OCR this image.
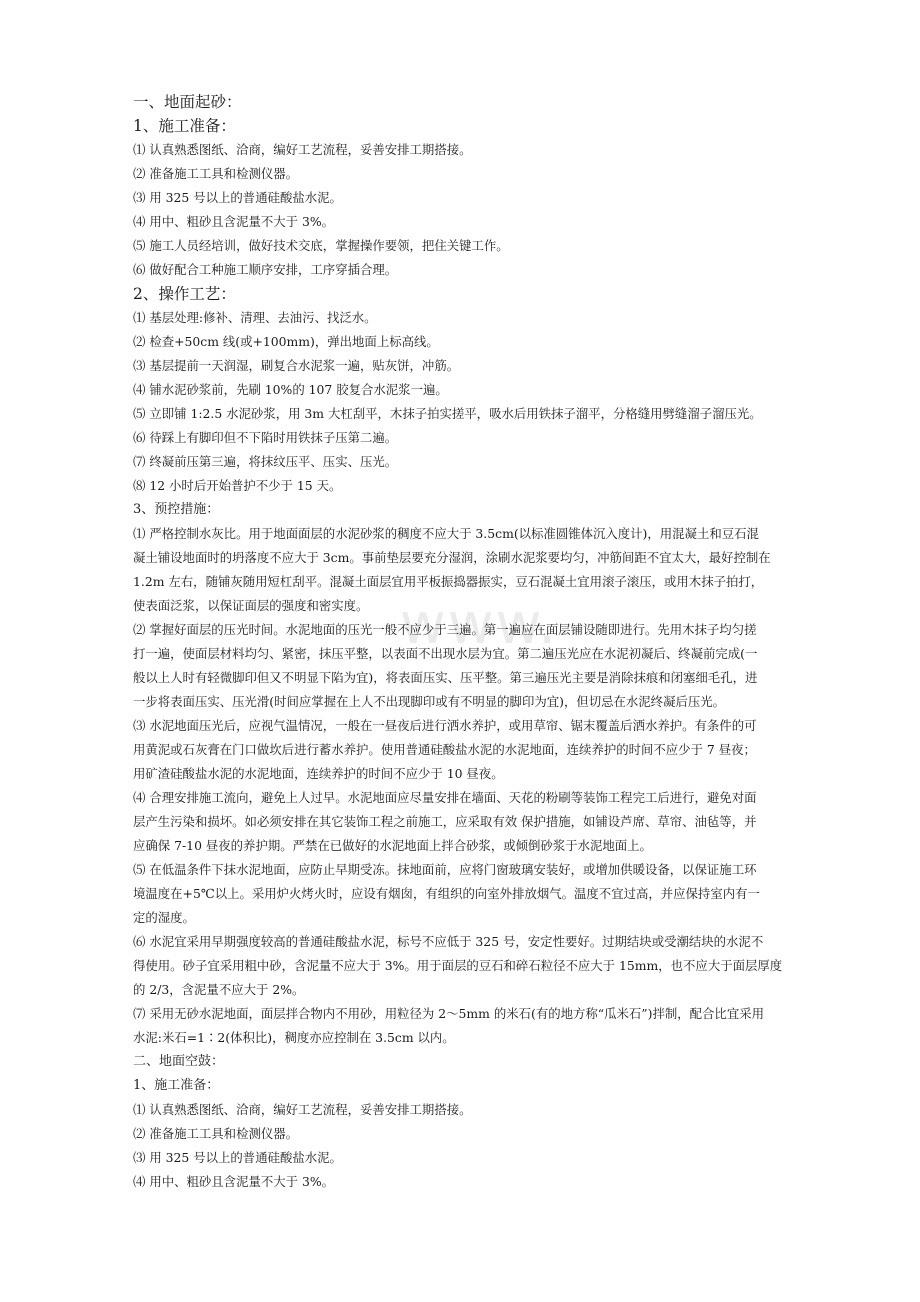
www.

一、地面起砂：

1、施工准备：

⑴ 认真熟悉图纸、洽商，编好工艺流程，妥善安排工期搭接。

⑵ 准备施工工具和检测仪器。

⑶ 用 325 号以上的普通硅酸盐水泥。

⑷ 用中、粗砂且含泥量不大于 3%。

⑸ 施工人员经培训，做好技术交底，掌握操作要领，把住关键工作。

⑹ 做好配合工种施工顺序安排，工序穿插合理。

2、操作工艺：

⑴ 基层处理:修补、清理、去油污、找泛水。

⑵ 检查+50cm 线(或+100mm)，弹出地面上标高线。

⑶ 基层提前一天润湿，刷复合水泥浆一遍，贴灰饼，冲筋。

⑷ 铺水泥砂浆前，先刷 10%的 107 胶复合水泥浆一遍。

⑸ 立即铺 1:2.5 水泥砂浆，用 3m 大杠刮平，木抹子拍实搓平，吸水后用铁抹子溜平，分格缝用劈缝溜子溜压光。

⑹ 待踩上有脚印但不下陷时用铁抹子压第二遍。

⑺ 终凝前压第三遍，将抹纹压平、压实、压光。

⑻ 12 小时后开始普护不少于 15 天。

3、预控措施：

⑴ 严格控制水灰比。用于地面面层的水泥砂浆的稠度不应大于 3.5cm(以标准圆锥体沉入度计)，用混凝土和豆石混
凝土铺设地面时的坍落度不应大于 3cm。事前垫层要充分湿润，涂刷水泥浆要均匀，冲筋间距不宜太大，最好控制在
1.2m 左右，随铺灰随用短杠刮平。混凝土面层宜用平板振捣器振实，豆石混凝土宜用滚子滚压，或用木抹子拍打，
使表面泛浆，以保证面层的强度和密实度。

⑵ 掌握好面层的压光时间。水泥地面的压光一般不应少于三遍。第一遍应在面层铺设随即进行。先用木抹子均匀搓
打一遍，使面层材料均匀、紧密，抹压平整，以表面不出现水层为宜。第二遍压光应在水泥初凝后、终凝前完成(一
般以上人时有轻微脚印但又不明显下陷为宜)，将表面压实、压平整。第三遍压光主要是消除抹痕和闭塞细毛孔，进
一步将表面压实、压光滑(时间应掌握在上人不出现脚印或有不明显的脚印为宜)，但切忌在水泥终凝后压光。

⑶ 水泥地面压光后，应视气温情况，一般在一昼夜后进行洒水养护，或用草帘、锯末覆盖后洒水养护。有条件的可
用黄泥或石灰膏在门口做坎后进行蓄水养护。使用普通硅酸盐水泥的水泥地面，连续养护的时间不应少于 7 昼夜；
用矿渣硅酸盐水泥的水泥地面，连续养护的时间不应少于 10 昼夜。

⑷ 合理安排施工流向，避免上人过早。水泥地面应尽量安排在墙面、天花的粉刷等装饰工程完工后进行，避免对面
层产生污染和损坏。如必须安排在其它装饰工程之前施工，应采取有效 保护措施，如铺设芦席、草帘、油毡等，并
应确保 7-10 昼夜的养护期。严禁在已做好的水泥地面上拌合砂浆，或倾倒砂浆于水泥地面上。

⑸ 在低温条件下抹水泥地面，应防止早期受冻。抹地面前，应将门窗玻璃安装好，或增加供暖设备，以保证施工环
境温度在+5℃以上。采用炉火烤火时，应设有烟囱，有组织的向室外排放烟气。温度不宜过高，并应保持室内有一
定的湿度。

⑹ 水泥宜采用早期强度较高的普通硅酸盐水泥，标号不应低于 325 号，安定性要好。过期结块或受潮结块的水泥不
得使用。砂子宜采用粗中砂，含泥量不应大于 3%。用于面层的豆石和碎石粒径不应大于 15mm，也不应大于面层厚度
的 2/3，含泥量不应大于 2%。

⑺ 采用无砂水泥地面，面层拌合物内不用砂，用粒径为 2～5mm 的米石(有的地方称“瓜米石”)拌制，配合比宜采用
水泥:米石=1∶2(体积比)，稠度亦应控制在 3.5cm 以内。

二、地面空鼓：

1、施工准备：

⑴ 认真熟悉图纸、洽商，编好工艺流程，妥善安排工期搭接。

⑵ 准备施工工具和检测仪器。

⑶ 用 325 号以上的普通硅酸盐水泥。

⑷ 用中、粗砂且含泥量不大于 3%。
